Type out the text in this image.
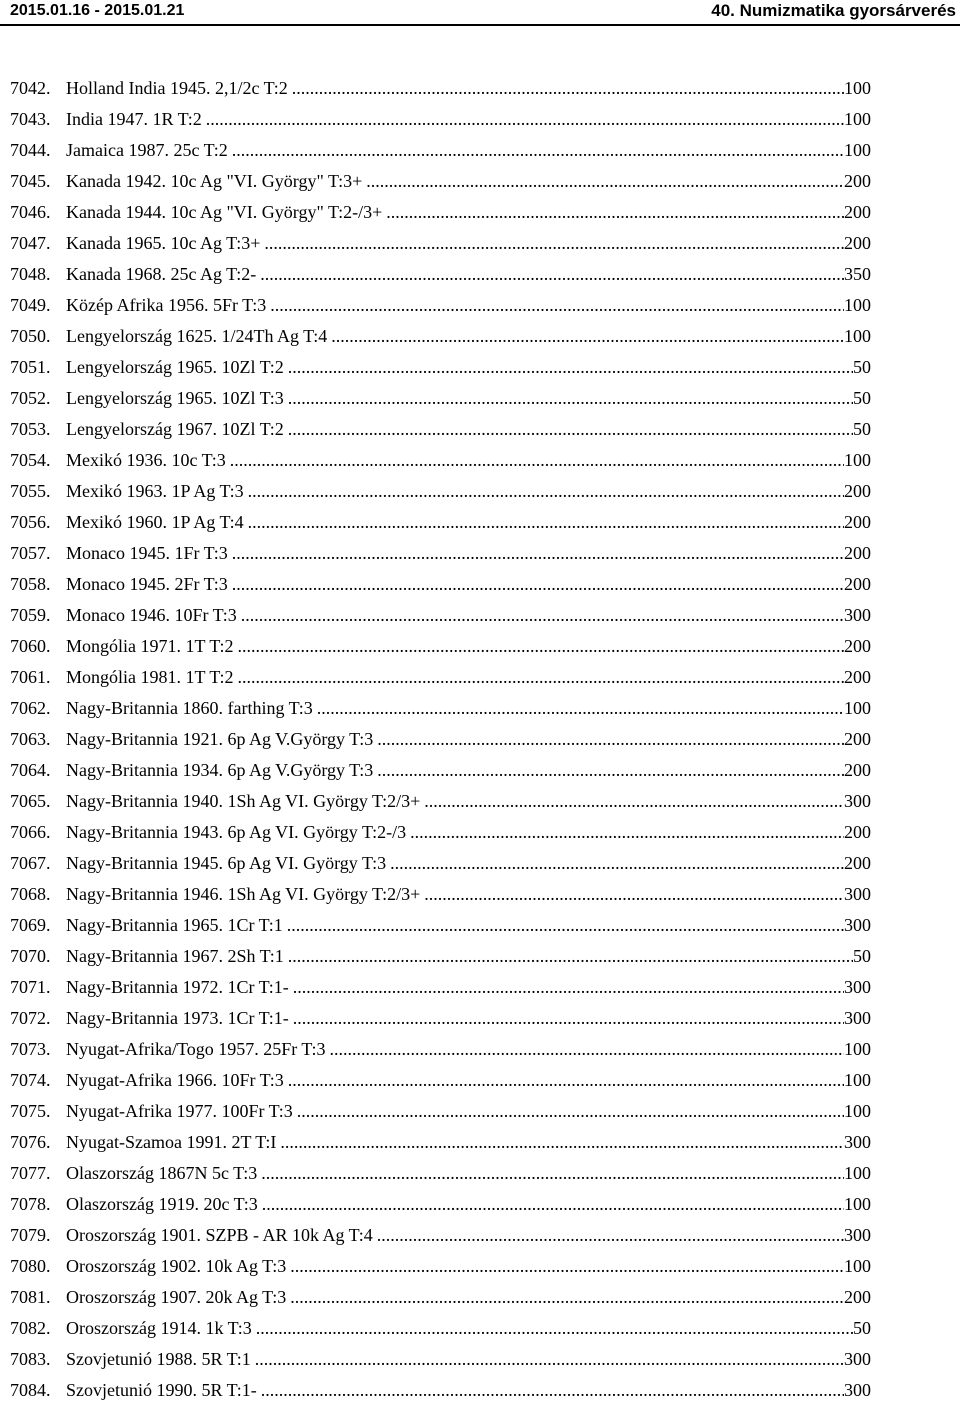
2015.01.16 - 2015.01.21	40. Numizmatika gyorsárverés
7042. Holland India 1945. 2,1/2c T:2 .....	100
7043. India 1947. 1R T:2 .....	100
7044. Jamaica 1987. 25c T:2 .....	100
7045. Kanada 1942. 10c Ag "VI. György" T:3+ .....	200
7046. Kanada 1944. 10c Ag "VI. György" T:2-/3+ .....	200
7047. Kanada 1965. 10c Ag T:3+ .....	200
7048. Kanada 1968. 25c Ag T:2- .....	350
7049. Közép Afrika 1956. 5Fr T:3 .....	100
7050. Lengyelország 1625. 1/24Th Ag T:4 .....	100
7051. Lengyelország 1965. 10Zl T:2 .....	50
7052. Lengyelország 1965. 10Zl T:3 .....	50
7053. Lengyelország 1967. 10Zl T:2 .....	50
7054. Mexikó 1936. 10c T:3 .....	100
7055. Mexikó 1963. 1P Ag T:3 .....	200
7056. Mexikó 1960. 1P Ag T:4 .....	200
7057. Monaco 1945. 1Fr T:3 .....	200
7058. Monaco 1945. 2Fr T:3 .....	200
7059. Monaco 1946. 10Fr T:3 .....	300
7060. Mongólia 1971. 1T T:2 .....	200
7061. Mongólia 1981. 1T T:2 .....	200
7062. Nagy-Britannia 1860. farthing T:3 .....	100
7063. Nagy-Britannia 1921. 6p Ag V.György T:3 .....	200
7064. Nagy-Britannia 1934. 6p Ag V.György T:3 .....	200
7065. Nagy-Britannia 1940. 1Sh Ag VI. György T:2/3+ .....	300
7066. Nagy-Britannia 1943. 6p Ag VI. György T:2-/3 .....	200
7067. Nagy-Britannia 1945. 6p Ag VI. György T:3 .....	200
7068. Nagy-Britannia 1946. 1Sh Ag VI. György T:2/3+ .....	300
7069. Nagy-Britannia 1965. 1Cr T:1 .....	300
7070. Nagy-Britannia 1967. 2Sh T:1 .....	50
7071. Nagy-Britannia 1972. 1Cr T:1- .....	300
7072. Nagy-Britannia 1973. 1Cr T:1- .....	300
7073. Nyugat-Afrika/Togo 1957. 25Fr T:3 .....	100
7074. Nyugat-Afrika 1966. 10Fr T:3 .....	100
7075. Nyugat-Afrika 1977. 100Fr T:3 .....	100
7076. Nyugat-Szamoa 1991. 2T T:I .....	300
7077. Olaszország 1867N 5c T:3 .....	100
7078. Olaszország 1919. 20c T:3 .....	100
7079. Oroszország 1901. SZPB - AR 10k Ag T:4 .....	300
7080. Oroszország 1902. 10k Ag T:3 .....	100
7081. Oroszország 1907. 20k Ag T:3 .....	200
7082. Oroszország 1914. 1k T:3 .....	50
7083. Szovjetunió 1988. 5R T:1 .....	300
7084. Szovjetunió 1990. 5R T:1- .....	300
